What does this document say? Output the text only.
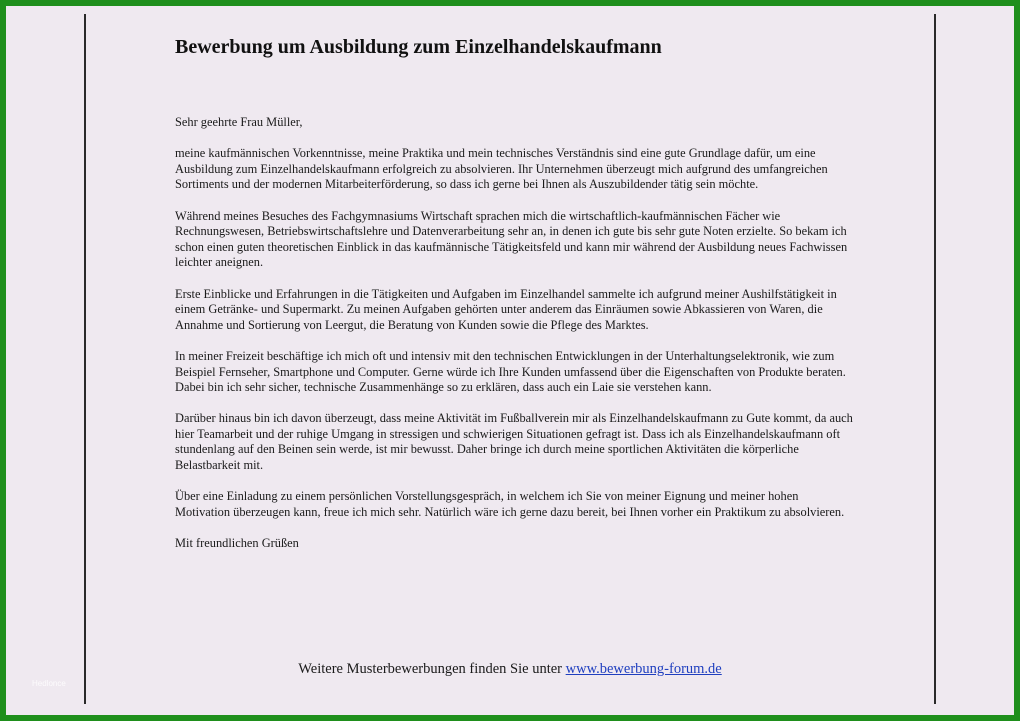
Bewerbung um Ausbildung zum Einzelhandelskaufmann

Sehr geehrte Frau Müller,

meine kaufmännischen Vorkenntnisse, meine Praktika und mein technisches Verständnis sind eine gute Grundlage dafür, um eine Ausbildung zum Einzelhandelskaufmann erfolgreich zu absolvieren. Ihr Unternehmen überzeugt mich aufgrund des umfangreichen Sortiments und der modernen Mitarbeiterförderung, so dass ich gerne bei Ihnen als Auszubildender tätig sein möchte.

Während meines Besuches des Fachgymnasiums Wirtschaft sprachen mich die wirtschaftlich-kaufmännischen Fächer wie Rechnungswesen, Betriebswirtschaftslehre und Datenverarbeitung sehr an, in denen ich gute bis sehr gute Noten erzielte. So bekam ich schon einen guten theoretischen Einblick in das kaufmännische Tätigkeitsfeld und kann mir während der Ausbildung neues Fachwissen leichter aneignen.

Erste Einblicke und Erfahrungen in die Tätigkeiten und Aufgaben im Einzelhandel sammelte ich aufgrund meiner Aushilfstätigkeit in einem Getränke- und Supermarkt. Zu meinen Aufgaben gehörten unter anderem das Einräumen sowie Abkassieren von Waren, die Annahme und Sortierung von Leergut, die Beratung von Kunden sowie die Pflege des Marktes.

In meiner Freizeit beschäftige ich mich oft und intensiv mit den technischen Entwicklungen in der Unterhaltungselektronik, wie zum Beispiel Fernseher, Smartphone und Computer. Gerne würde ich Ihre Kunden umfassend über die Eigenschaften von Produkte beraten. Dabei bin ich sehr sicher, technische Zusammenhänge so zu erklären, dass auch ein Laie sie verstehen kann.

Darüber hinaus bin ich davon überzeugt, dass meine Aktivität im Fußballverein mir als Einzelhandelskaufmann zu Gute kommt, da auch hier Teamarbeit und der ruhige Umgang in stressigen und schwierigen Situationen gefragt ist. Dass ich als Einzelhandelskaufmann oft stundenlang auf den Beinen sein werde, ist mir bewusst. Daher bringe ich durch meine sportlichen Aktivitäten die körperliche Belastbarkeit mit.

Über eine Einladung zu einem persönlichen Vorstellungsgespräch, in welchem ich Sie von meiner Eignung und meiner hohen Motivation überzeugen kann, freue ich mich sehr. Natürlich wäre ich gerne dazu bereit, bei Ihnen vorher ein Praktikum zu absolvieren.

Mit freundlichen Grüßen

Weitere Musterbewerbungen finden Sie unter www.bewerbung-forum.de
Hedlonce
